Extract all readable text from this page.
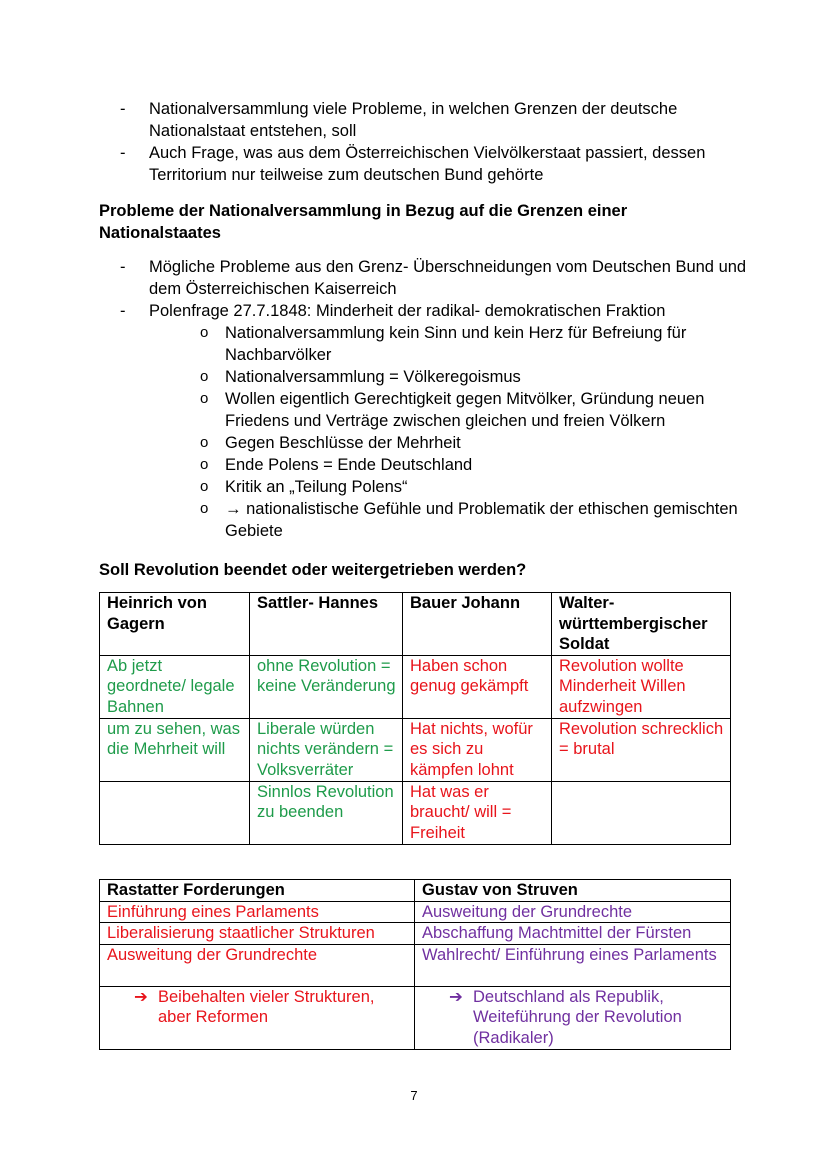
- Nationalversammlung viele Probleme, in welchen Grenzen der deutsche Nationalstaat entstehen, soll
- Auch Frage, was aus dem Österreichischen Vielvölkerstaat passiert, dessen Territorium nur teilweise zum deutschen Bund gehörte

Probleme der Nationalversammlung in Bezug auf die Grenzen einer Nationalstaates

- Mögliche Probleme aus den Grenz- Überschneidungen vom Deutschen Bund und dem Österreichischen Kaiserreich
- Polenfrage 27.7.1848: Minderheit der radikal- demokratischen Fraktion
o Nationalversammlung kein Sinn und kein Herz für Befreiung für Nachbarvölker
o Nationalversammlung = Völkeregoismus
o Wollen eigentlich Gerechtigkeit gegen Mitvölker, Gründung neuen Friedens und Verträge zwischen gleichen und freien Völkern
o Gegen Beschlüsse der Mehrheit
o Ende Polens = Ende Deutschland
o Kritik an „Teilung Polens“
o → nationalistische Gefühle und Problematik der ethischen gemischten Gebiete

Soll Revolution beendet oder weitergetrieben werden?

Heinrich von Gagern	Sattler- Hannes	Bauer Johann	Walter- württembergischer Soldat
Ab jetzt geordnete/ legale Bahnen	ohne Revolution = keine Veränderung	Haben schon genug gekämpft	Revolution wollte Minderheit Willen aufzwingen
um zu sehen, was die Mehrheit will	Liberale würden nichts verändern = Volksverräter	Hat nichts, wofür es sich zu kämpfen lohnt	Revolution schrecklich = brutal
	Sinnlos Revolution zu beenden	Hat was er braucht/ will = Freiheit	
Rastatter Forderungen	Gustav von Struven
Einführung eines Parlaments	Ausweitung der Grundrechte
Liberalisierung staatlicher Strukturen	Abschaffung Machtmittel der Fürsten
Ausweitung der Grundrechte	Wahlrecht/ Einführung eines Parlaments

➔ Beibehalten vieler Strukturen, aber Reformen	➔ Deutschland als Republik, Weiteführung der Revolution (Radikaler)
7
